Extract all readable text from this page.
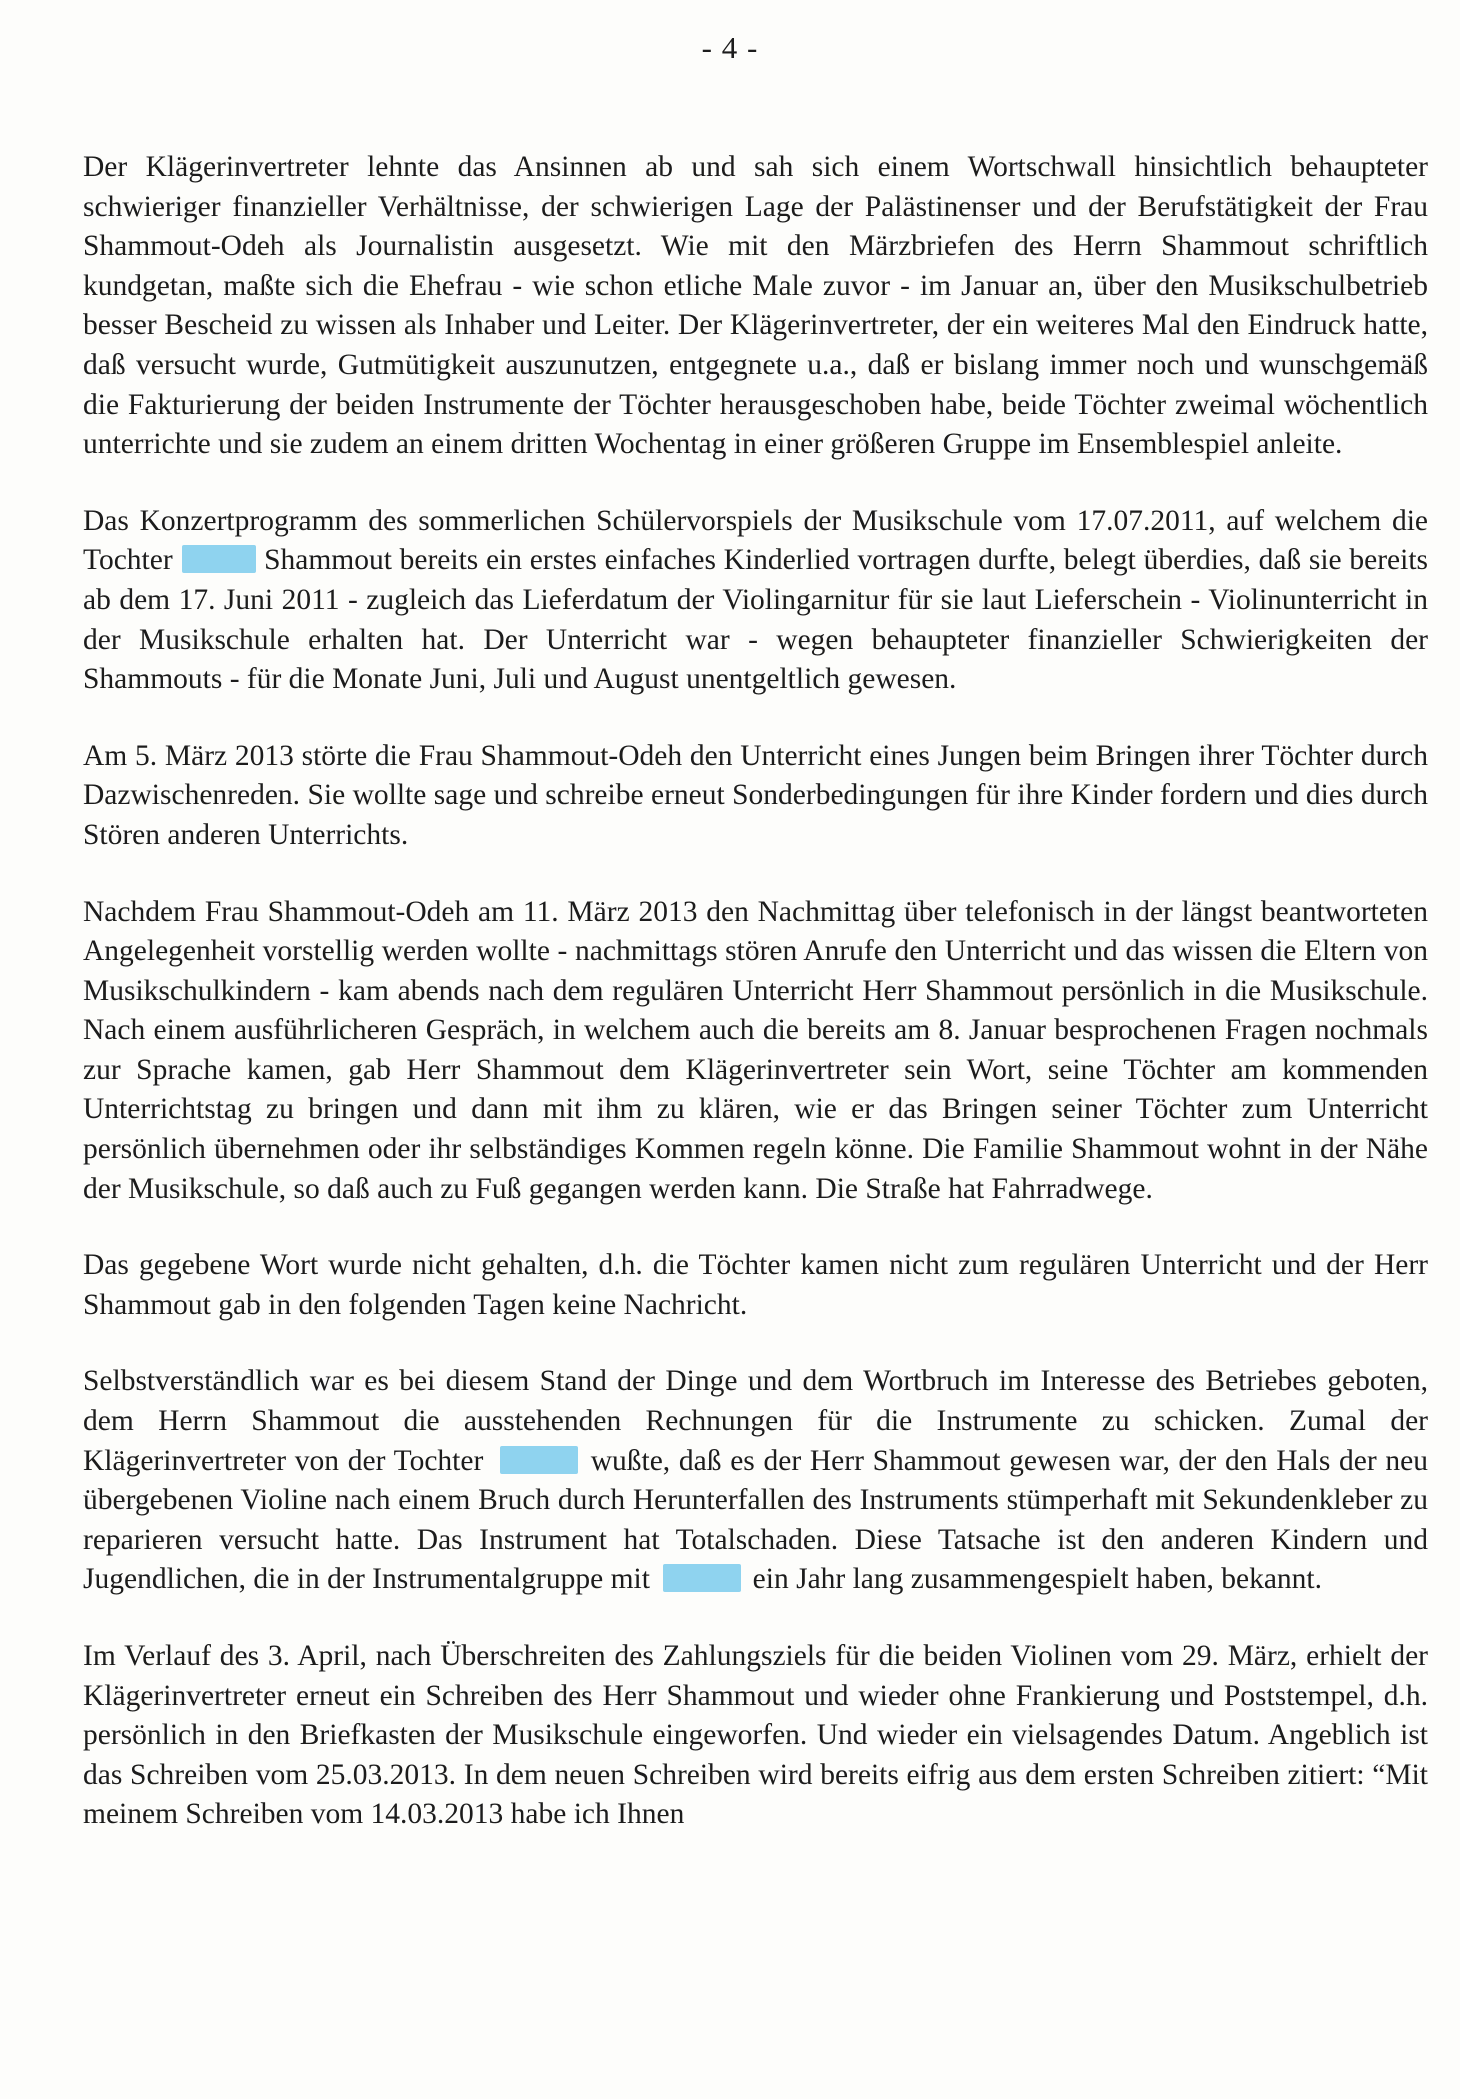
- 4 -

Der Klägerinvertreter lehnte das Ansinnen ab und sah sich einem Wortschwall hinsichtlich behaupteter schwieriger finanzieller Verhältnisse, der schwierigen Lage der Palästinenser und der Berufstätigkeit der Frau Shammout-Odeh als Journalistin ausgesetzt. Wie mit den Märzbriefen des Herrn Shammout schriftlich kundgetan, maßte sich die Ehefrau - wie schon etliche Male zuvor - im Januar an, über den Musikschulbetrieb besser Bescheid zu wissen als Inhaber und Leiter. Der Klägerinvertreter, der ein weiteres Mal den Eindruck hatte, daß versucht wurde, Gutmütigkeit auszunutzen, entgegnete u.a., daß er bislang immer noch und wunschgemäß die Fakturierung der beiden Instrumente der Töchter herausgeschoben habe, beide Töchter zweimal wöchentlich unterrichte und sie zudem an einem dritten Wochentag in einer größeren Gruppe im Ensemblespiel anleite.

Das Konzertprogramm des sommerlichen Schülervorspiels der Musikschule vom 17.07.2011, auf welchem die Tochter	Shammout bereits ein erstes einfaches Kinderlied vortragen durfte, belegt überdies, daß sie bereits ab dem 17. Juni 2011 - zugleich das Lieferdatum der Violingarnitur für sie laut Lieferschein - Violinunterricht in der Musikschule erhalten hat. Der Unterricht war - wegen behaupteter finanzieller Schwierigkeiten der Shammouts - für die Monate Juni, Juli und August unentgeltlich gewesen.

Am 5. März 2013 störte die Frau Shammout-Odeh den Unterricht eines Jungen beim Bringen ihrer Töchter durch Dazwischenreden. Sie wollte sage und schreibe erneut Sonderbedingungen für ihre Kinder fordern und dies durch Stören anderen Unterrichts.

Nachdem Frau Shammout-Odeh am 11. März 2013 den Nachmittag über telefonisch in der längst beantworteten Angelegenheit vorstellig werden wollte - nachmittags stören Anrufe den Unterricht und das wissen die Eltern von Musikschulkindern - kam abends nach dem regulären Unterricht Herr Shammout persönlich in die Musikschule. Nach einem ausführlicheren Gespräch, in welchem auch die bereits am 8. Januar besprochenen Fragen nochmals zur Sprache kamen, gab Herr Shammout dem Klägerinvertreter sein Wort, seine Töchter am kommenden Unterrichtstag zu bringen und dann mit ihm zu klären, wie er das Bringen seiner Töchter zum Unterricht persönlich übernehmen oder ihr selbständiges Kommen regeln könne. Die Familie Shammout wohnt in der Nähe der Musikschule, so daß auch zu Fuß gegangen werden kann. Die Straße hat Fahrradwege.

Das gegebene Wort wurde nicht gehalten, d.h. die Töchter kamen nicht zum regulären Unterricht und der Herr Shammout gab in den folgenden Tagen keine Nachricht.

Selbstverständlich war es bei diesem Stand der Dinge und dem Wortbruch im Interesse des Betriebes geboten, dem Herrn Shammout die ausstehenden Rechnungen für die Instrumente zu schicken. Zumal der Klägerinvertreter von der Tochter	wußte, daß es der Herr Shammout gewesen war, der den Hals der neu übergebenen Violine nach einem Bruch durch Herunterfallen des Instruments stümperhaft mit Sekundenkleber zu reparieren versucht hatte. Das Instrument hat Totalschaden. Diese Tatsache ist den anderen Kindern und Jugendlichen, die in der Instrumentalgruppe mit	ein Jahr lang zusammengespielt haben, bekannt.

Im Verlauf des 3. April, nach Überschreiten des Zahlungsziels für die beiden Violinen vom 29. März, erhielt der Klägerinvertreter erneut ein Schreiben des Herr Shammout und wieder ohne Frankierung und Poststempel, d.h. persönlich in den Briefkasten der Musikschule eingeworfen. Und wieder ein vielsagendes Datum. Angeblich ist das Schreiben vom 25.03.2013. In dem neuen Schreiben wird bereits eifrig aus dem ersten Schreiben zitiert: “Mit meinem Schreiben vom 14.03.2013 habe ich Ihnen
